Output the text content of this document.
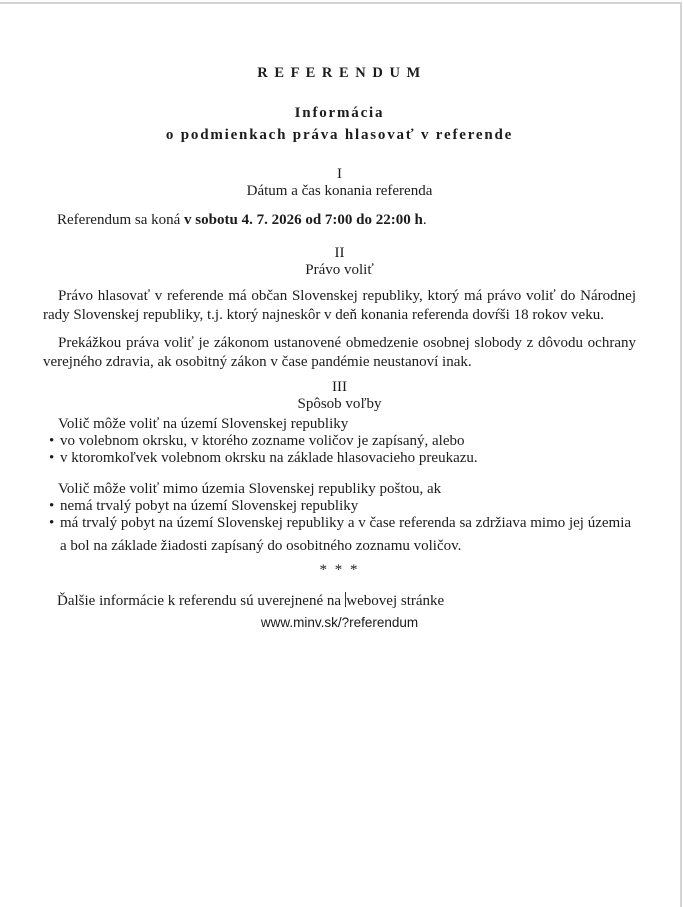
R E F E R E N D U M
Informácia
o podmienkach práva hlasovať v referende
I
Dátum a čas konania referenda
Referendum sa koná v sobotu 4. 7. 2026 od 7:00 do 22:00 h.
II
Právo voliť
Právo hlasovať v referende má občan Slovenskej republiky, ktorý má právo voliť do Národnej rady Slovenskej republiky, t.j. ktorý najneskôr v deň konania referenda dovŕši 18 rokov veku.
Prekážkou práva voliť je zákonom ustanovené obmedzenie osobnej slobody z dôvodu ochrany verejného zdravia, ak osobitný zákon v čase pandémie neustanoví inak.
III
Spôsob voľby
Volič môže voliť na území Slovenskej republiky
• vo volebnom okrsku, v ktorého zozname voličov je zapísaný, alebo
• v ktoromkoľvek volebnom okrsku na základe hlasovacieho preukazu.
Volič môže voliť mimo územia Slovenskej republiky poštou, ak
• nemá trvalý pobyt na území Slovenskej republiky
• má trvalý pobyt na území Slovenskej republiky a v čase referenda sa zdržiava mimo jej územia
a bol na základe žiadosti zapísaný do osobitného zoznamu voličov.
* * *
Ďalšie informácie k referendu sú uverejnené na webovej stránke
www.minv.sk/?referendum
